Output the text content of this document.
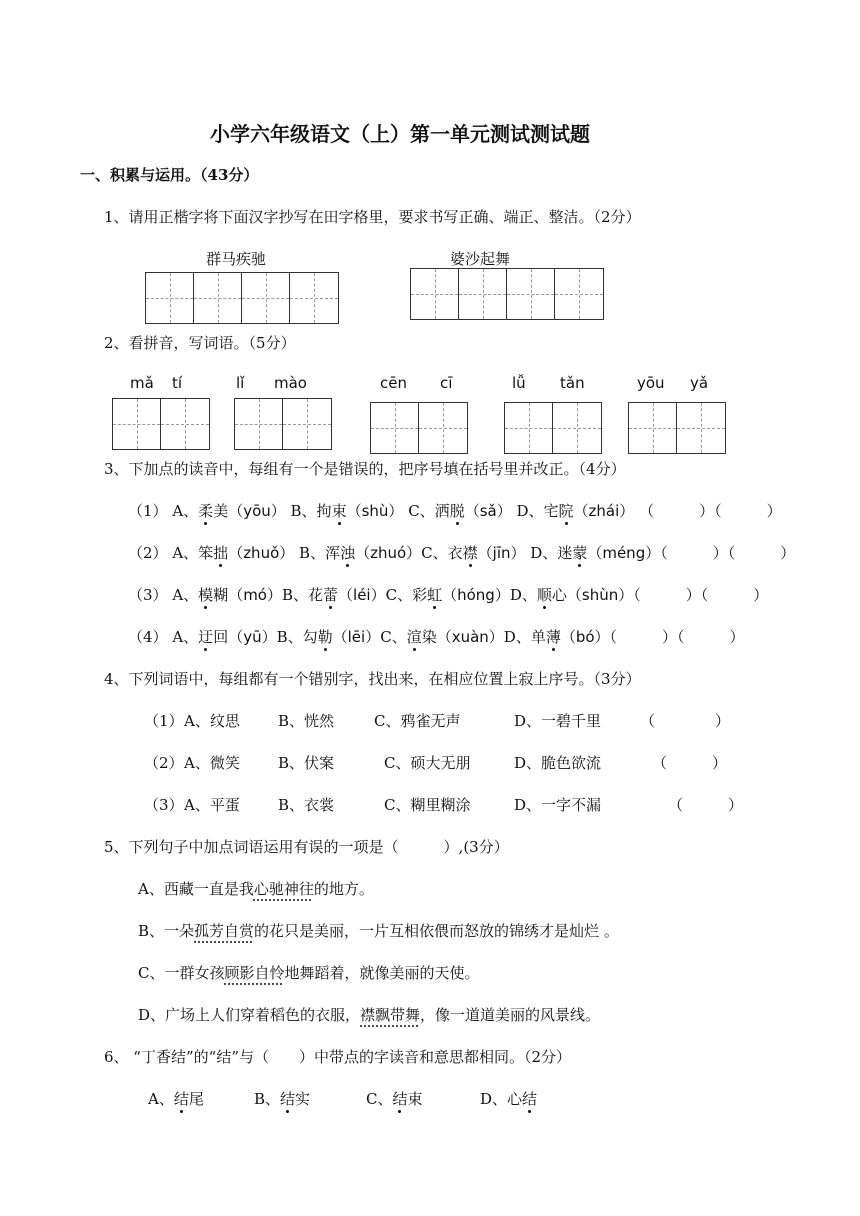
小学六年级语文（上）第一单元测试测试题
一、积累与运用。（43分）
1、请用正楷字将下面汉字抄写在田字格里，要求书写正确、端正、整洁。（2分）
群马疾驰	婆沙起舞
2、看拼音，写词语。（5分）
mǎ tí	lǐ mào	cēn cī	lǚ tǎn	yōu yǎ
3、下加点的读音中，每组有一个是错误的，把序号填在括号里并改正。（4分）
（1） A、柔美（yōu） B、拘束（shù） C、洒脱（sǎ） D、宅院（zhái） （　　　）（　　　）
（2） A、笨拙（zhuǒ） B、浑浊（zhuó）C、衣襟（jīn） D、迷蒙（méng）（　　　）（　　　）
（3） A、模糊（mó）B、花蕾（léi）C、彩虹（hóng）D、顺心（shùn）（　　　）（　　　）
（4） A、迂回（yū）B、勾勒（lēi）C、渲染（xuàn）D、单薄（bó）（　　　）（　　　）
4、下列词语中，每组都有一个错别字，找出来，在相应位置上寂上序号。（3分）
（1） A、纹思	B、恍然	C、鸦雀无声	D、一碧千里	（　　　　）
（2） A、微笑	B、伏案	C、硕大无朋	D、脆色欲流	（　　　）
（3） A、平蛋	B、衣裳	C、糊里糊涂	D、一字不漏	（　　　）
5、下列句子中加点词语运用有误的一项是（　　　）,(3分）
A、西藏一直是我心驰神往的地方。
B、一朵孤芳自赏的花只是美丽，一片互相依偎而怒放的锦绣才是灿烂 。
C、一群女孩顾影自怜地舞蹈着，就像美丽的天使。
D、广场上人们穿着稻色的衣服，襟飘带舞，像一道道美丽的风景线。
6、 “丁香结”的“结”与（　　）中带点的字读音和意思都相同。（2分）
A、结尾	B、结实	C、结束	D、心结
